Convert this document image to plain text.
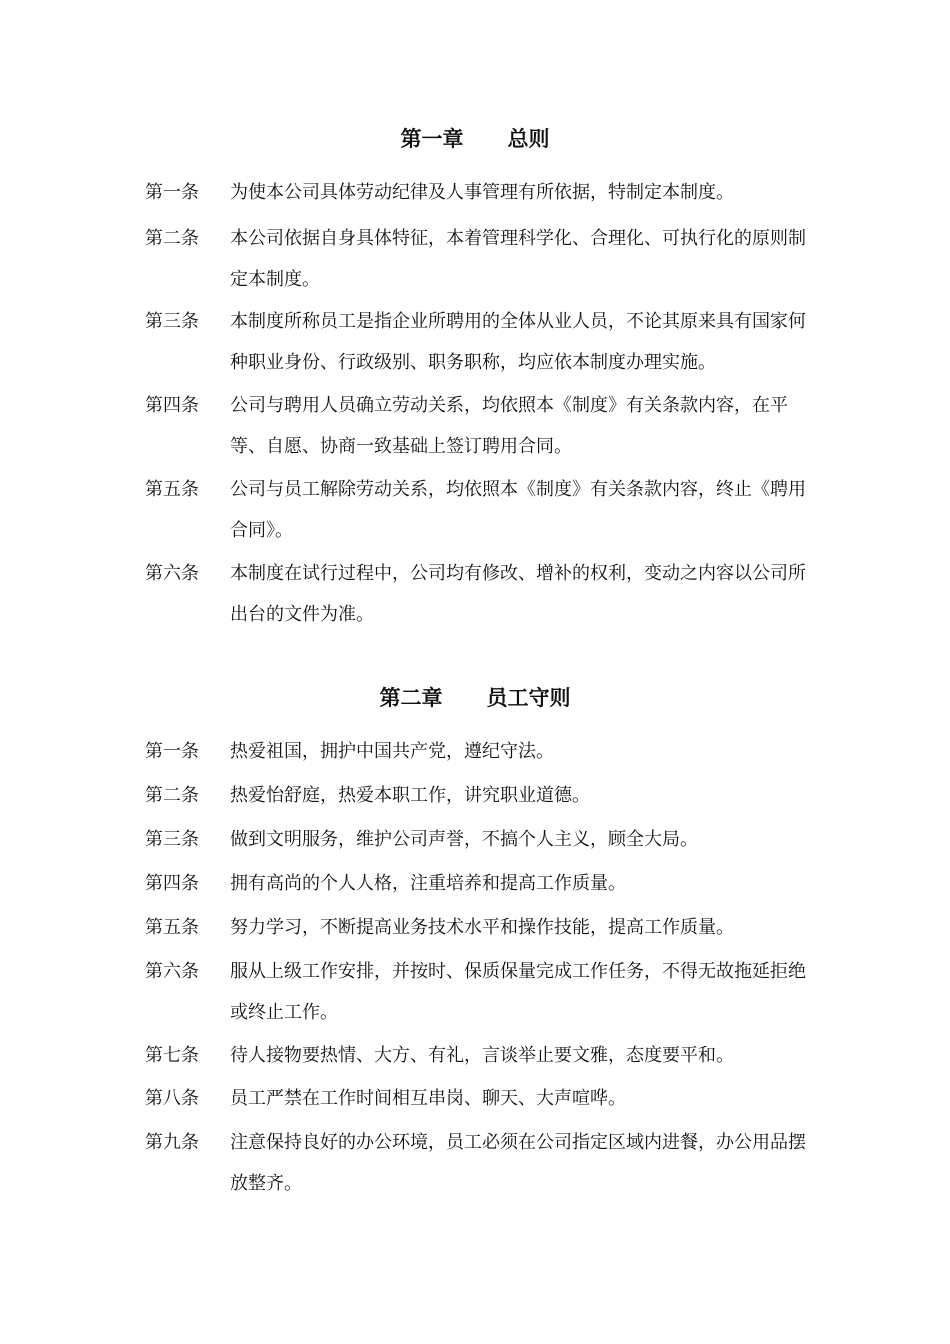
第一章 总则
第一条	为使本公司具体劳动纪律及人事管理有所依据，特制定本制度。
第二条	本公司依据自身具体特征，本着管理科学化、合理化、可执行化的原则制定本制度。
第三条	本制度所称员工是指企业所聘用的全体从业人员，不论其原来具有国家何种职业身份、行政级别、职务职称，均应依本制度办理实施。
第四条	公司与聘用人员确立劳动关系，均依照本《制度》有关条款内容，在平等、自愿、协商一致基础上签订聘用合同。
第五条	公司与员工解除劳动关系，均依照本《制度》有关条款内容，终止《聘用合同》。
第六条	本制度在试行过程中，公司均有修改、增补的权利，变动之内容以公司所出台的文件为准。
第二章 员工守则
第一条	热爱祖国，拥护中国共产党，遵纪守法。
第二条	热爱怡舒庭，热爱本职工作，讲究职业道德。
第三条	做到文明服务，维护公司声誉，不搞个人主义，顾全大局。
第四条	拥有高尚的个人人格，注重培养和提高工作质量。
第五条	努力学习，不断提高业务技术水平和操作技能，提高工作质量。
第六条	服从上级工作安排，并按时、保质保量完成工作任务，不得无故拖延拒绝或终止工作。
第七条	待人接物要热情、大方、有礼，言谈举止要文雅，态度要平和。
第八条	员工严禁在工作时间相互串岗、聊天、大声喧哗。
第九条	注意保持良好的办公环境，员工必须在公司指定区域内进餐，办公用品摆放整齐。
